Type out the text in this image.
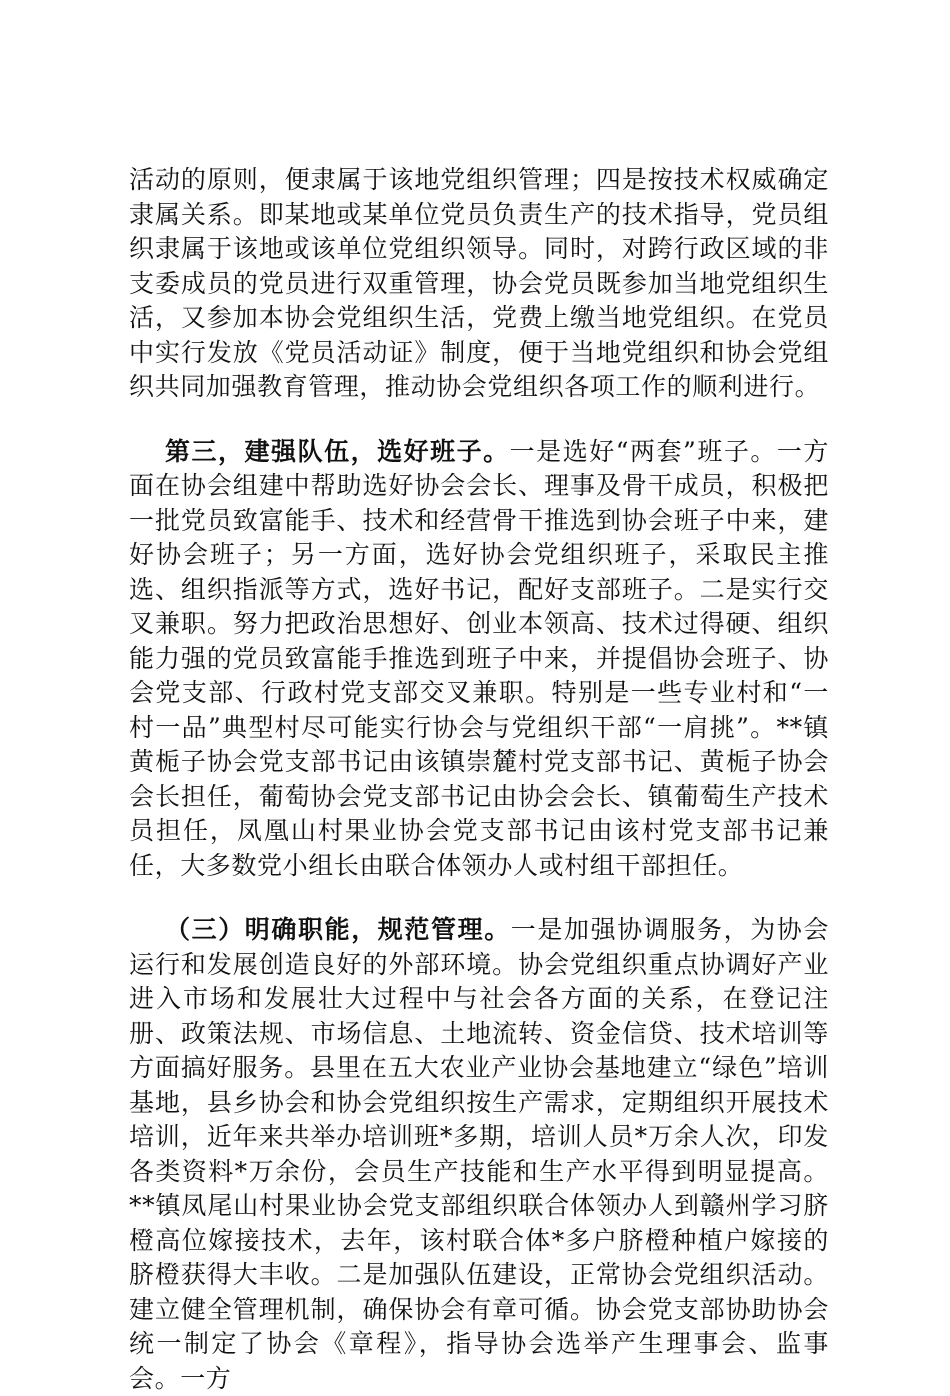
活动的原则，便隶属于该地党组织管理；四是按技术权威确定隶属关系。即某地或某单位党员负责生产的技术指导，党员组织隶属于该地或该单位党组织领导。同时，对跨行政区域的非支委成员的党员进行双重管理，协会党员既参加当地党组织生活，又参加本协会党组织生活，党费上缴当地党组织。在党员中实行发放《党员活动证》制度，便于当地党组织和协会党组织共同加强教育管理，推动协会党组织各项工作的顺利进行。

第三，建强队伍，选好班子。一是选好“两套”班子。一方面在协会组建中帮助选好协会会长、理事及骨干成员，积极把一批党员致富能手、技术和经营骨干推选到协会班子中来，建好协会班子；另一方面，选好协会党组织班子，采取民主推选、组织指派等方式，选好书记，配好支部班子。二是实行交叉兼职。努力把政治思想好、创业本领高、技术过得硬、组织能力强的党员致富能手推选到班子中来，并提倡协会班子、协会党支部、行政村党支部交叉兼职。特别是一些专业村和“一村一品”典型村尽可能实行协会与党组织干部“一肩挑”。**镇黄栀子协会党支部书记由该镇崇麓村党支部书记、黄栀子协会会长担任，葡萄协会党支部书记由协会会长、镇葡萄生产技术员担任，凤凰山村果业协会党支部书记由该村党支部书记兼任，大多数党小组长由联合体领办人或村组干部担任。

（三）明确职能，规范管理。一是加强协调服务，为协会运行和发展创造良好的外部环境。协会党组织重点协调好产业进入市场和发展壮大过程中与社会各方面的关系，在登记注册、政策法规、市场信息、土地流转、资金信贷、技术培训等方面搞好服务。县里在五大农业产业协会基地建立“绿色”培训基地，县乡协会和协会党组织按生产需求，定期组织开展技术培训，近年来共举办培训班*多期，培训人员*万余人次，印发各类资料*万余份，会员生产技能和生产水平得到明显提高。**镇凤尾山村果业协会党支部组织联合体领办人到赣州学习脐橙高位嫁接技术，去年，该村联合体*多户脐橙种植户嫁接的脐橙获得大丰收。二是加强队伍建设，正常协会党组织活动。建立健全管理机制，确保协会有章可循。协会党支部协助协会统一制定了协会《章程》，指导协会选举产生理事会、监事会。一方
